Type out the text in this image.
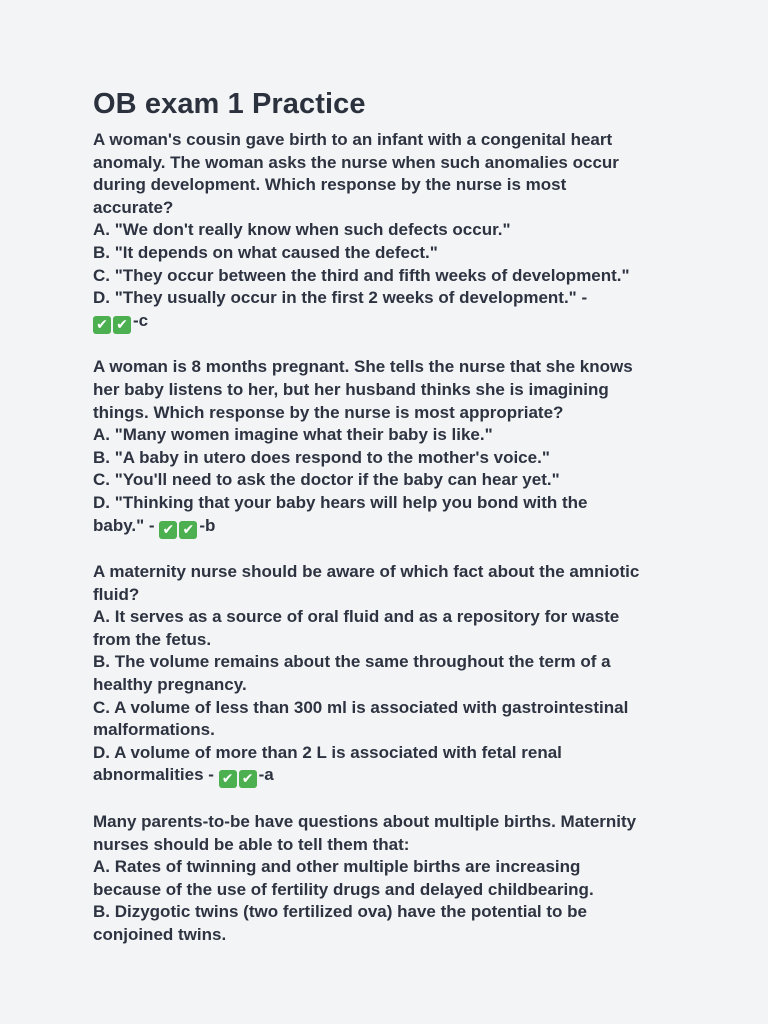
OB exam 1 Practice
A woman's cousin gave birth to an infant with a congenital heart
anomaly. The woman asks the nurse when such anomalies occur
during development. Which response by the nurse is most
accurate?
A. "We don't really know when such defects occur."
B. "It depends on what caused the defect."
C. "They occur between the third and fifth weeks of development."
D. "They usually occur in the first 2 weeks of development." -
✔ ✔ -c
A woman is 8 months pregnant. She tells the nurse that she knows
her baby listens to her, but her husband thinks she is imagining
things. Which response by the nurse is most appropriate?
A. "Many women imagine what their baby is like."
B. "A baby in utero does respond to the mother's voice."
C. "You'll need to ask the doctor if the baby can hear yet."
D. "Thinking that your baby hears will help you bond with the
baby." - ✔ ✔ -b
A maternity nurse should be aware of which fact about the amniotic
fluid?
A. It serves as a source of oral fluid and as a repository for waste
from the fetus.
B. The volume remains about the same throughout the term of a
healthy pregnancy.
C. A volume of less than 300 ml is associated with gastrointestinal
malformations.
D. A volume of more than 2 L is associated with fetal renal
abnormalities - ✔ ✔ -a
Many parents-to-be have questions about multiple births. Maternity
nurses should be able to tell them that:
A. Rates of twinning and other multiple births are increasing
because of the use of fertility drugs and delayed childbearing.
B. Dizygotic twins (two fertilized ova) have the potential to be
conjoined twins.
